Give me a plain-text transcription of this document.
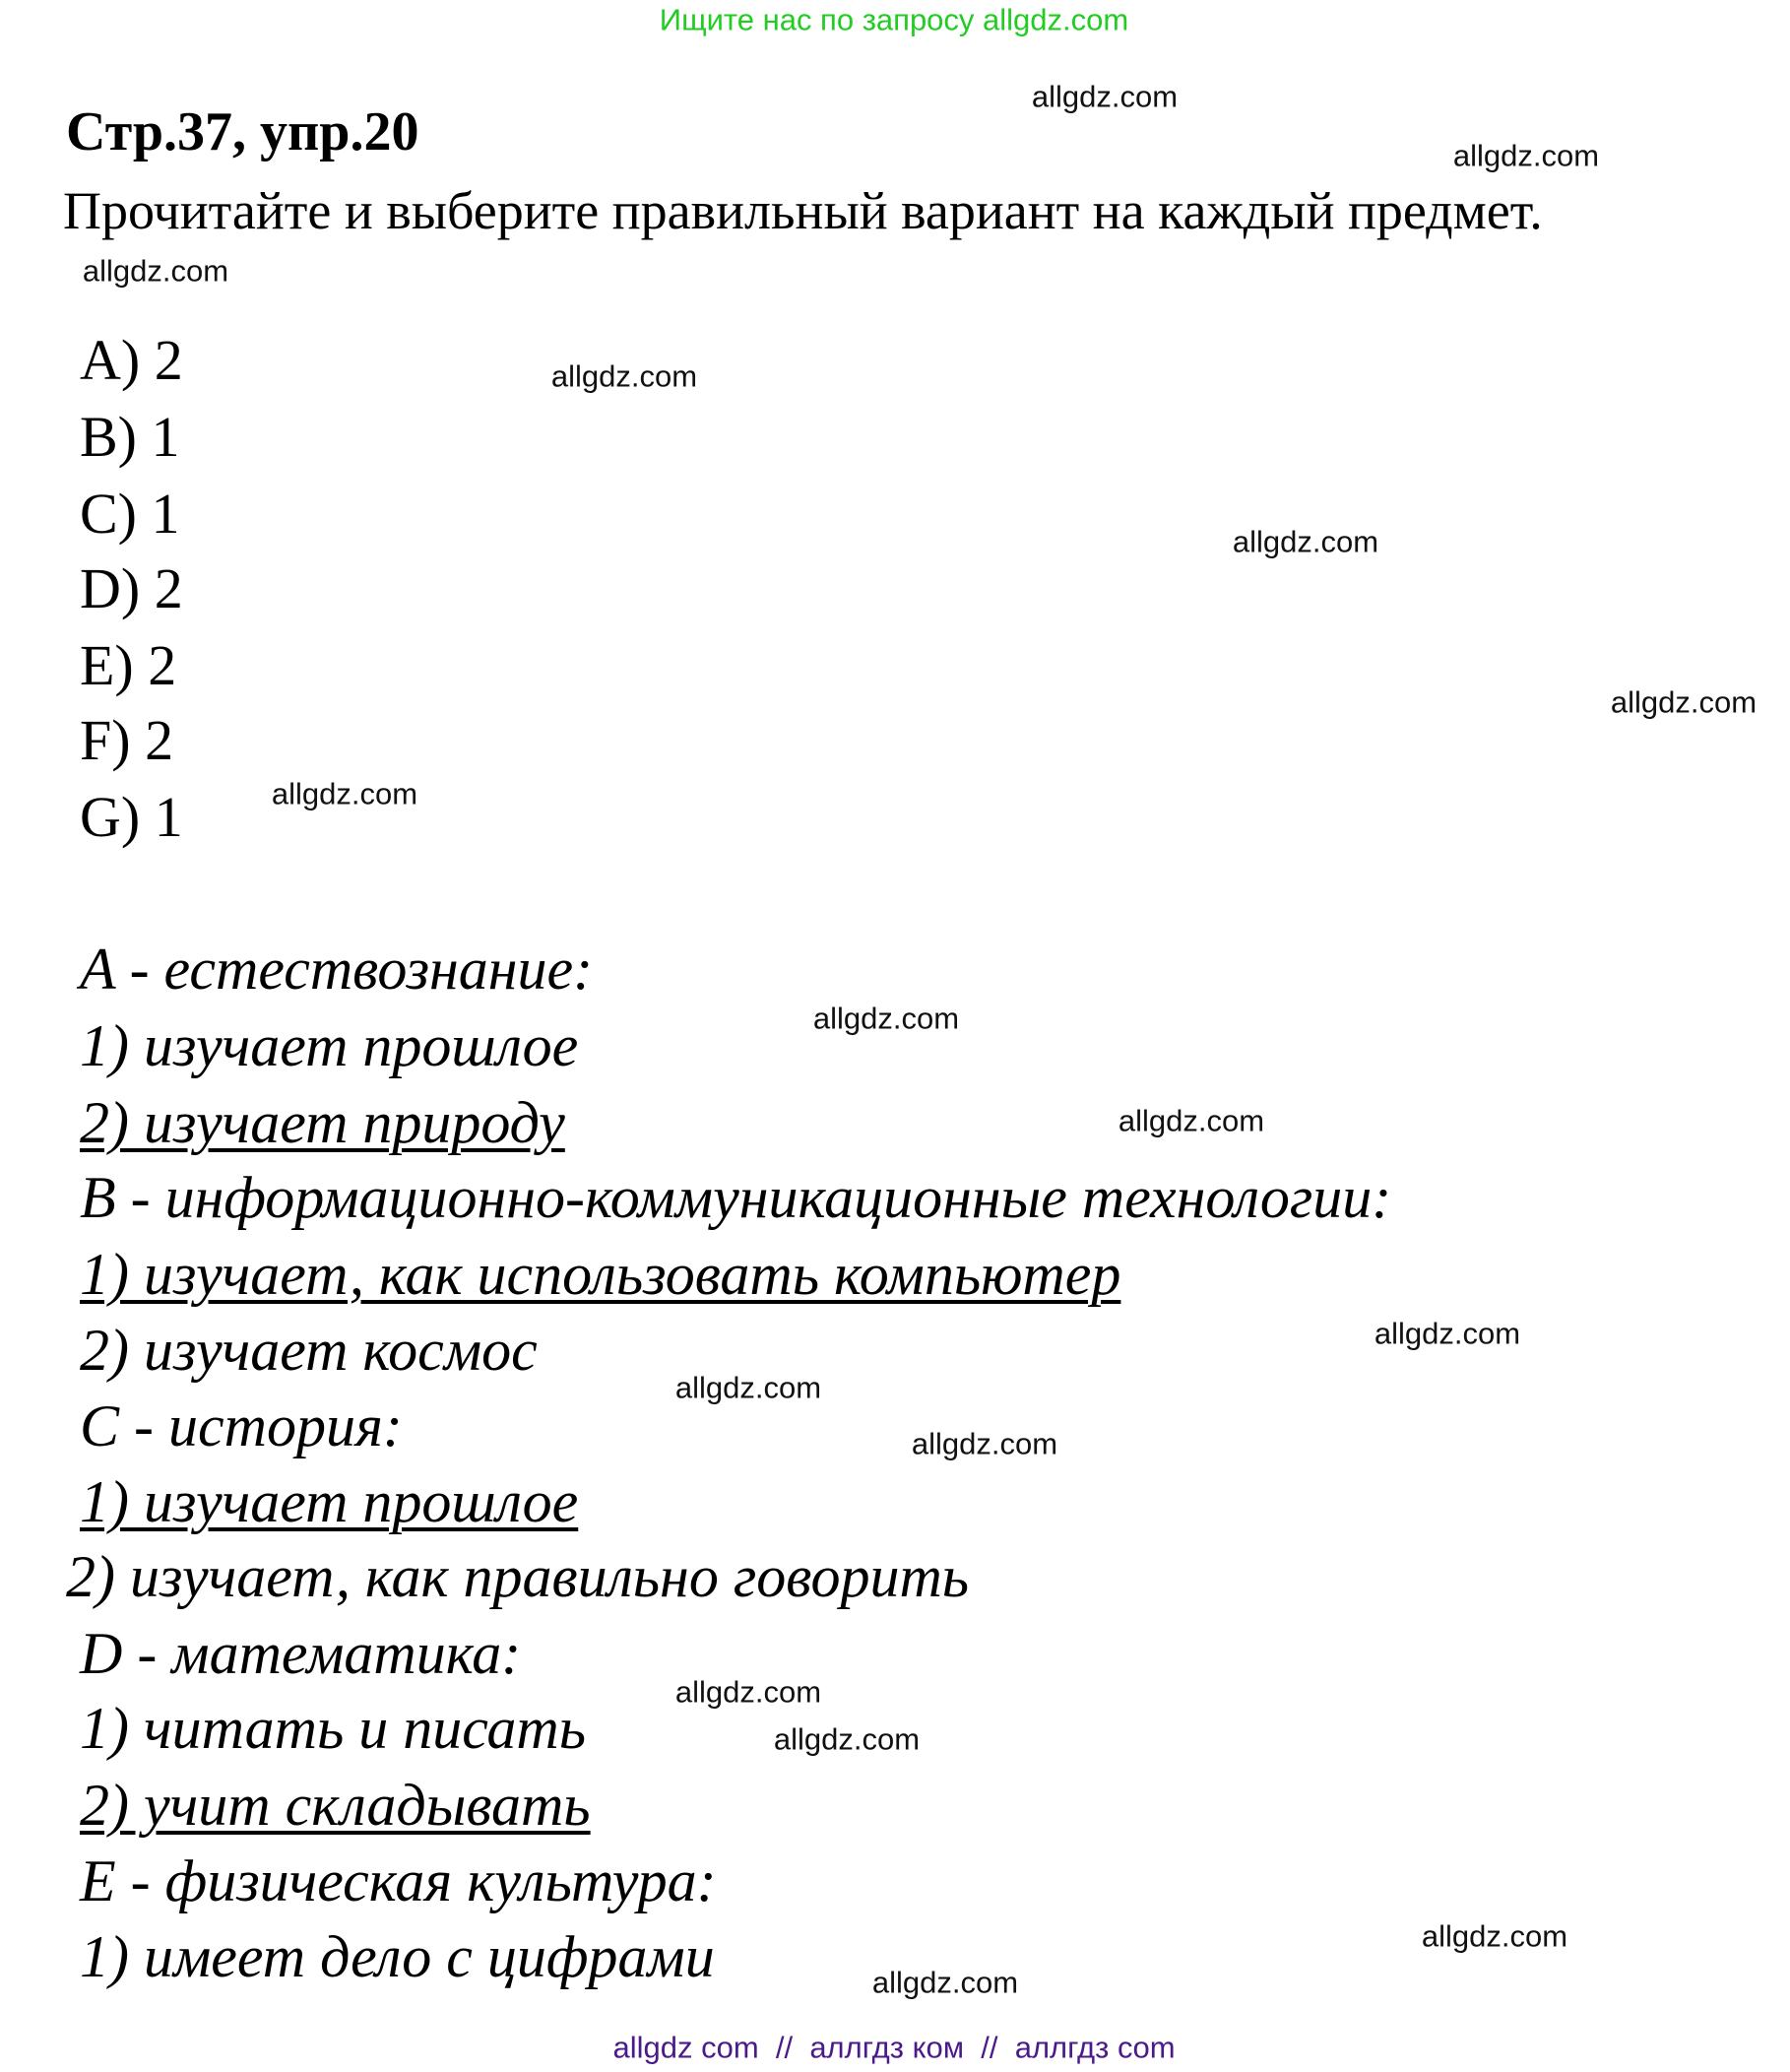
Ищите нас по запросу allgdz.com
Стр.37, упр.20
Прочитайте и выберите правильный вариант на каждый предмет.
A) 2
B) 1
C) 1
D) 2
E) 2
F) 2
G) 1
A - естествознание:
1) изучает прошлое
2) изучает природу
B - информационно-коммуникационные технологии:
1) изучает, как использовать компьютер
2) изучает космос
C - история:
1) изучает прошлое
2) изучает, как правильно говорить
D - математика:
1) читать и писать
2) учит складывать
E - физическая культура:
1) имеет дело с цифрами
allgdz.com
allgdz.com
allgdz.com
allgdz.com
allgdz.com
allgdz.com
allgdz.com
allgdz.com
allgdz.com
allgdz.com
allgdz.com
allgdz.com
allgdz.com
allgdz.com
allgdz.com
allgdz.com
allgdz com  //  аллгдз ком  //  аллгдз com
